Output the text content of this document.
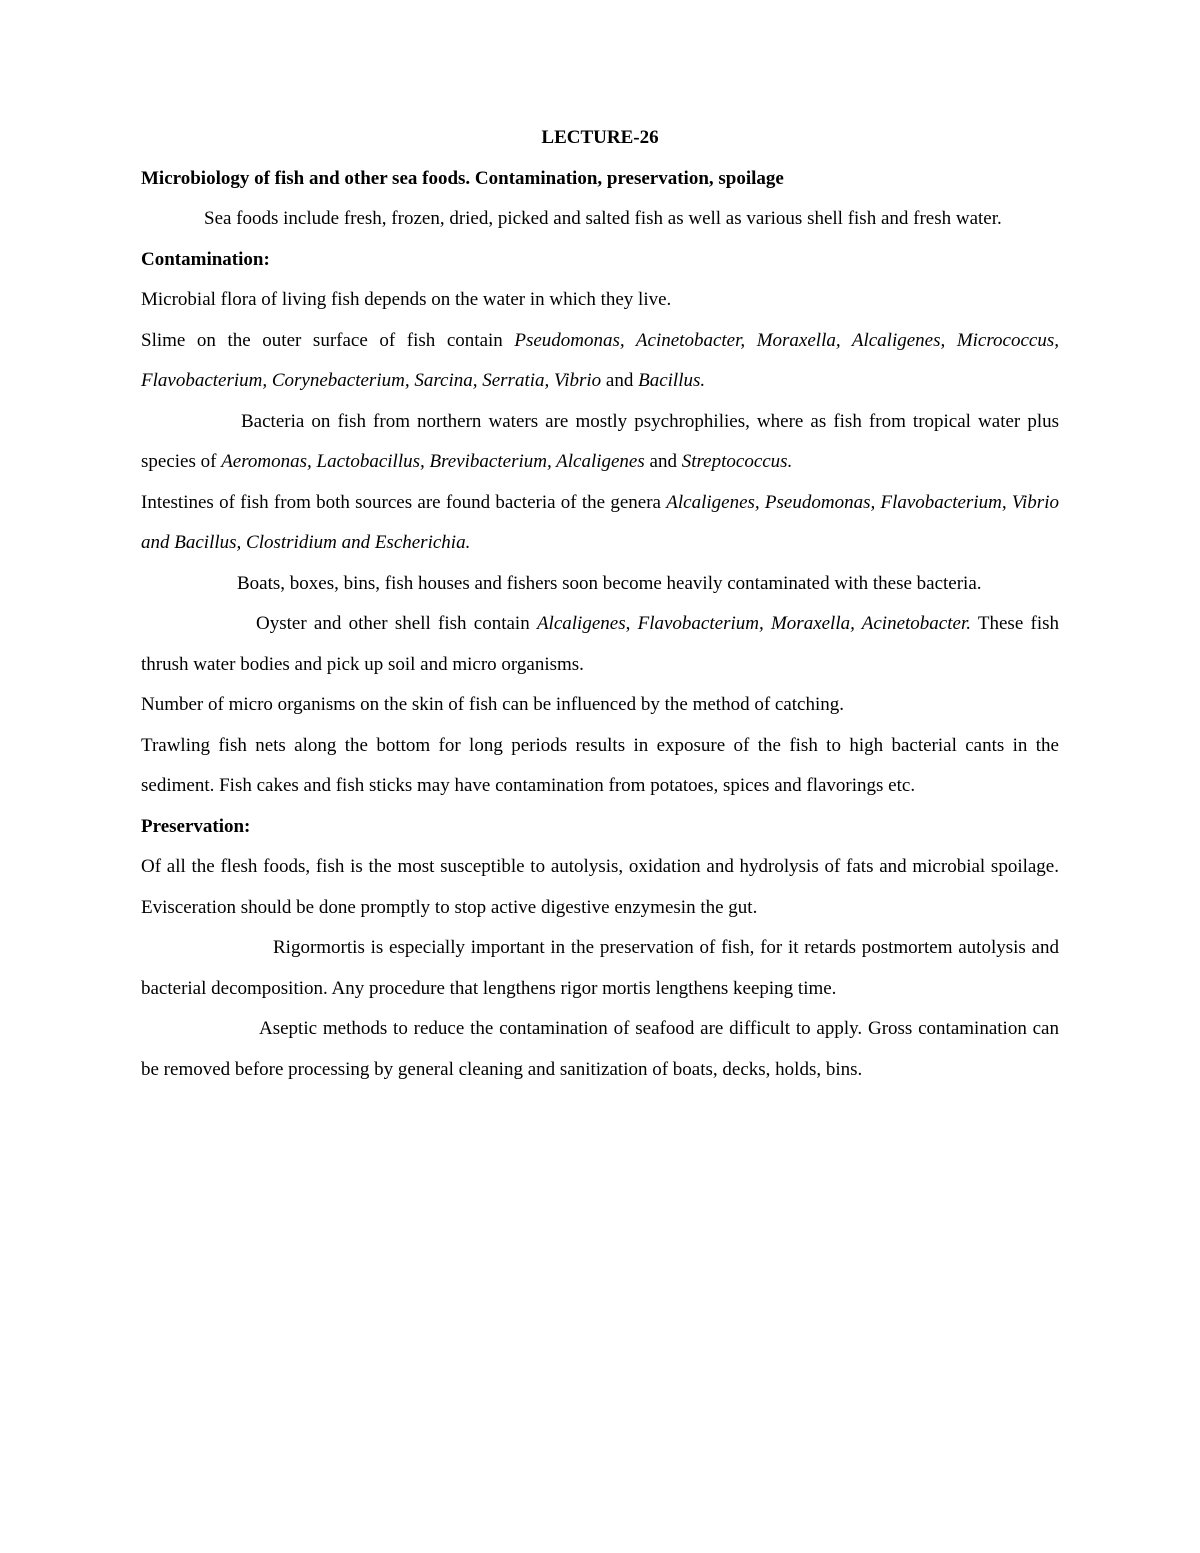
LECTURE-26
Microbiology of fish and other sea foods. Contamination, preservation, spoilage

Sea foods include fresh, frozen, dried, picked and salted fish as well as various shell fish and fresh water.

Contamination:

Microbial flora of living fish depends on the water in which they live.

Slime on the outer surface of fish contain Pseudomonas, Acinetobacter, Moraxella, Alcaligenes, Micrococcus, Flavobacterium, Corynebacterium, Sarcina, Serratia, Vibrio and Bacillus.

Bacteria on fish from northern waters are mostly psychrophilies, where as fish from tropical water plus species of Aeromonas, Lactobacillus, Brevibacterium, Alcaligenes and Streptococcus.

Intestines of fish from both sources are found bacteria of the genera Alcaligenes, Pseudomonas, Flavobacterium, Vibrio and Bacillus, Clostridium and Escherichia.

Boats, boxes, bins, fish houses and fishers soon become heavily contaminated with these bacteria.

Oyster and other shell fish contain Alcaligenes, Flavobacterium, Moraxella, Acinetobacter. These fish thrush water bodies and pick up soil and micro organisms.

Number of micro organisms on the skin of fish can be influenced by the method of catching.

Trawling fish nets along the bottom for long periods results in exposure of the fish to high bacterial cants in the sediment. Fish cakes and fish sticks may have contamination from potatoes, spices and flavorings etc.

Preservation:

Of all the flesh foods, fish is the most susceptible to autolysis, oxidation and hydrolysis of fats and microbial spoilage. Evisceration should be done promptly to stop active digestive enzymesin the gut.

Rigormortis is especially important in the preservation of fish, for it retards postmortem autolysis and bacterial decomposition. Any procedure that lengthens rigor mortis lengthens keeping time.

Aseptic methods to reduce the contamination of seafood are difficult to apply. Gross contamination can be removed before processing by general cleaning and sanitization of boats, decks, holds, bins.
